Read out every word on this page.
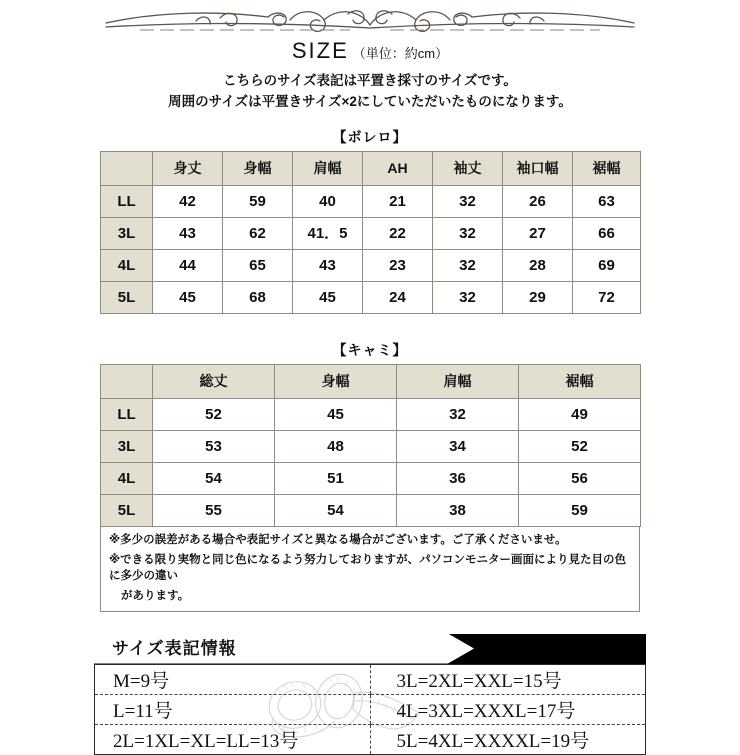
SIZE （単位：約cm）
こちらのサイズ表記は平置き採寸のサイズです。
周囲のサイズは平置きサイズ×2にしていただいたものになります。
【ボレロ】
	身丈	身幅	肩幅	AH	袖丈	袖口幅	裾幅
LL	42	59	40	21	32	26	63
3L	43	62	41．5	22	32	27	66
4L	44	65	43	23	32	28	69
5L	45	68	45	24	32	29	72
【キャミ】
	総丈	身幅	肩幅	裾幅
LL	52	45	32	49
3L	53	48	34	52
4L	54	51	36	56
5L	55	54	38	59

※多少の誤差がある場合や表記サイズと異なる場合がございます。ご了承くださいませ。

※できる限り実物と同じ色になるよう努力しておりますが、パソコンモニター画面により見た目の色に多少の違い

があります。

サイズ表記情報
M=9号	3L=2XL=XXL=15号
L=11号	4L=3XL=XXXL=17号
2L=1XL=XL=LL=13号	5L=4XL=XXXXL=19号
